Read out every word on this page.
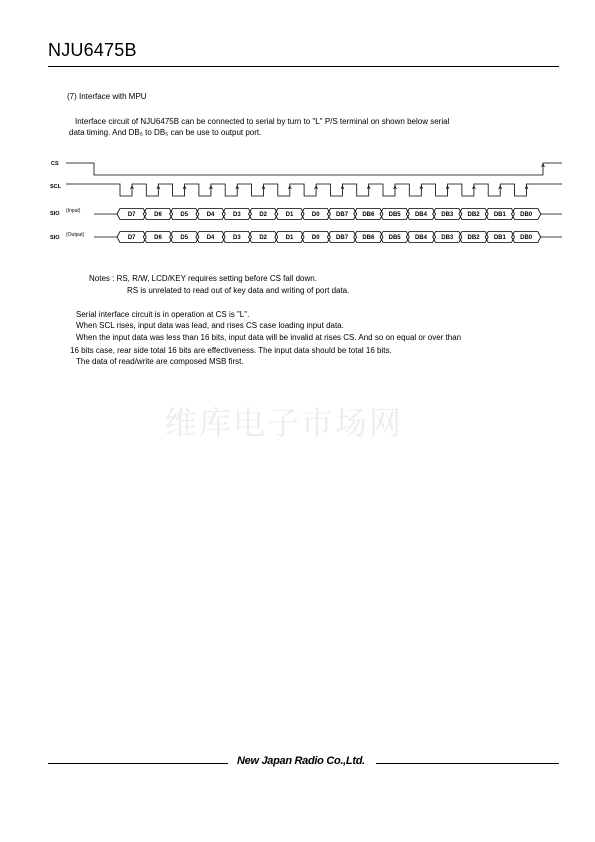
NJU6475B
(7) Interface with MPU
Interface circuit of NJU6475B can be connected to serial by turn to "L" P/S terminal on shown below serial
data timing. And DB₆ to DB₅ can be use to output port.
CS
SCL
SIO
SIO
(Input)
(Output)
D7	D6	D5	D4	D3	D2	D1	D0	DB7 DB6 DB5 DB4 DB3 DB2 DB1 DB0
D7	D6	D5	D4	D3	D2	D1	D0	DB7 DB6 DB5 DB4 DB3 DB2 DB1 DB0
Notes : RS, R/W, LCD/KEY requires setting before CS fall down.
RS is unrelated to read out of key data and writing of port data.
Serial interface circuit is in operation at CS is "L".
When SCL rises, input data was lead, and rises CS case loading input data.
When the input data was less than 16 bits, input data will be invalid at rises CS. And so on equal or over than
16 bits case, rear side total 16 bits are effectiveness. The input data should be total 16 bits.
The data of read/write are composed MSB first.
维库电子市场网
New Japan Radio Co.,Ltd.
